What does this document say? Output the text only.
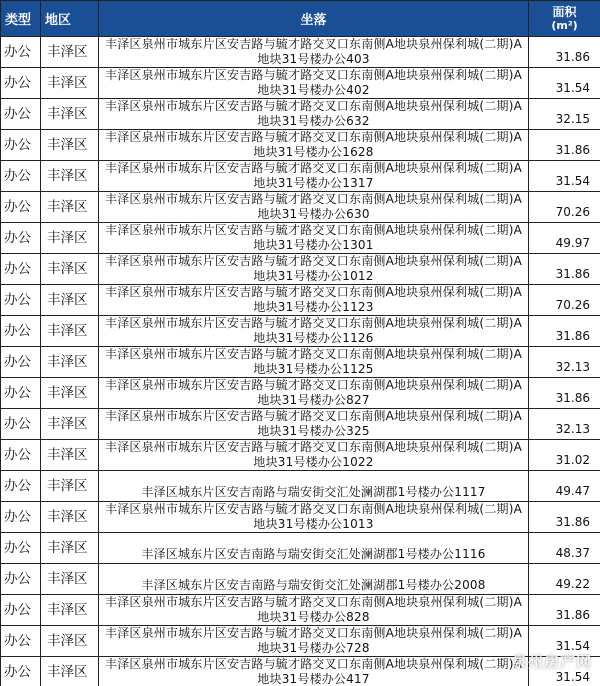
类型	地区	坐落	面积
(m²)

办公	丰泽区	丰泽区泉州市城东片区安吉路与毓才路交叉口东南侧A地块泉州保利城(二期)A地块31号楼办公403	31.86
办公	丰泽区	丰泽区泉州市城东片区安吉路与毓才路交叉口东南侧A地块泉州保利城(二期)A地块31号楼办公402	31.54
办公	丰泽区	丰泽区泉州市城东片区安吉路与毓才路交叉口东南侧A地块泉州保利城(二期)A地块31号楼办公632	32.15
办公	丰泽区	丰泽区泉州市城东片区安吉路与毓才路交叉口东南侧A地块泉州保利城(二期)A地块31号楼办公1628	31.86
办公	丰泽区	丰泽区泉州市城东片区安吉路与毓才路交叉口东南侧A地块泉州保利城(二期)A地块31号楼办公1317	31.54
办公	丰泽区	丰泽区泉州市城东片区安吉路与毓才路交叉口东南侧A地块泉州保利城(二期)A地块31号楼办公630	70.26
办公	丰泽区	丰泽区泉州市城东片区安吉路与毓才路交叉口东南侧A地块泉州保利城(二期)A地块31号楼办公1301	49.97
办公	丰泽区	丰泽区泉州市城东片区安吉路与毓才路交叉口东南侧A地块泉州保利城(二期)A地块31号楼办公1012	31.86
办公	丰泽区	丰泽区泉州市城东片区安吉路与毓才路交叉口东南侧A地块泉州保利城(二期)A地块31号楼办公1123	70.26
办公	丰泽区	丰泽区泉州市城东片区安吉路与毓才路交叉口东南侧A地块泉州保利城(二期)A地块31号楼办公1126	31.86
办公	丰泽区	丰泽区泉州市城东片区安吉路与毓才路交叉口东南侧A地块泉州保利城(二期)A地块31号楼办公1125	32.13
办公	丰泽区	丰泽区泉州市城东片区安吉路与毓才路交叉口东南侧A地块泉州保利城(二期)A地块31号楼办公827	31.86
办公	丰泽区	丰泽区泉州市城东片区安吉路与毓才路交叉口东南侧A地块泉州保利城(二期)A地块31号楼办公325	32.13
办公	丰泽区	丰泽区泉州市城东片区安吉路与毓才路交叉口东南侧A地块泉州保利城(二期)A地块31号楼办公1022	31.02
办公	丰泽区	丰泽区城东片区安吉南路与瑞安街交汇处澜湖郡1号楼办公1117	49.47
办公	丰泽区	丰泽区泉州市城东片区安吉路与毓才路交叉口东南侧A地块泉州保利城(二期)A地块31号楼办公1013	31.86
办公	丰泽区	丰泽区城东片区安吉南路与瑞安街交汇处澜湖郡1号楼办公1116	48.37
办公	丰泽区	丰泽区城东片区安吉南路与瑞安街交汇处澜湖郡1号楼办公2008	49.22
办公	丰泽区	丰泽区泉州市城东片区安吉路与毓才路交叉口东南侧A地块泉州保利城(二期)A地块31号楼办公828	31.86
办公	丰泽区	丰泽区泉州市城东片区安吉路与毓才路交叉口东南侧A地块泉州保利城(二期)A地块31号楼办公728	31.54
办公	丰泽区	丰泽区泉州市城东片区安吉路与毓才路交叉口东南侧A地块泉州保利城(二期)A地块31号楼办公417	31.54
泉州房产网
